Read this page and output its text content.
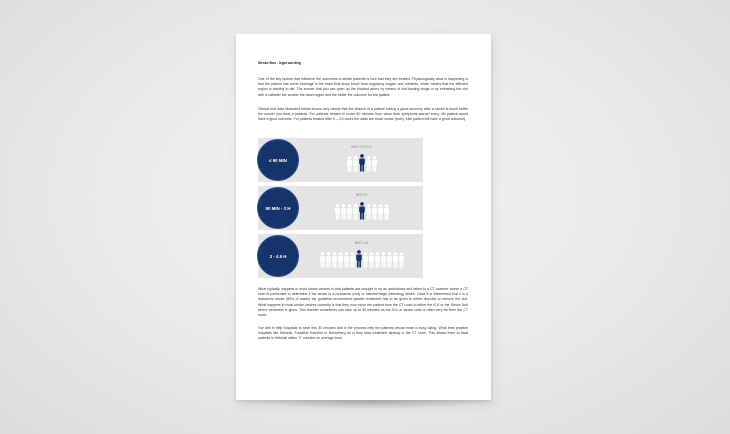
Stroke Box - legal wording

One of the key factors that influence the outcomes of stroke patients is how fast they are treated. Physiologically what is happening is that the patient has some blockage in the brain that stops blood from supplying oxygen and nutrients, which means that the affected region is starting to die. The sooner that you can open up the blocked artery by means of clot busting drugs or by extracting the clot with a catheter the smaller the dead region and the better the outcome for the patient.

Clinical trial data illustrated below shows very clearly that the chance of a patient having a good recovery after a stroke is much better the sooner you treat a patients. For patients treated in under 90 minutes from when their symptoms started every 4th patient would have a good outcome. For patients treated after 3 – 4,5 hours the odds are much worse (every 14th patient will have a good outcome).

≤ 90 MIN
NNT=4 TO 5
90 MIN - 3 H
NNT=9
3 - 4.5 H
NNT=14

What typically happens in most stroke centres is that patients are brought in by an ambulance and taken to a CT scanner where a CT scan is performed to determine if the stroke is a ischaemic (clot) or haemorrhagic (bleeding) stroke. Once it is determined that it is a ischaemic stroke (80% of cases) the guideline recommend specific treatment has to be given to either dissolve or remove the clot. What happens in most stroke centres currently is that they now move the patient from the CT room to either the ICU or the Stroke Unit where treatment is given. This transfer sometimes can take up to 30 minutes as the ICU or stroke units is often very far from the CT room.

Our aim is help hospitals to save this 30 minutes and in the process help the patients whose brain is busy dying. What best practice hospitals like Helsinki, Frankfurt Hoechst or Heidelberg do is they start treatment already in the CT room. This allows them to treat patients in Helsinki within 17 minutes on average from
